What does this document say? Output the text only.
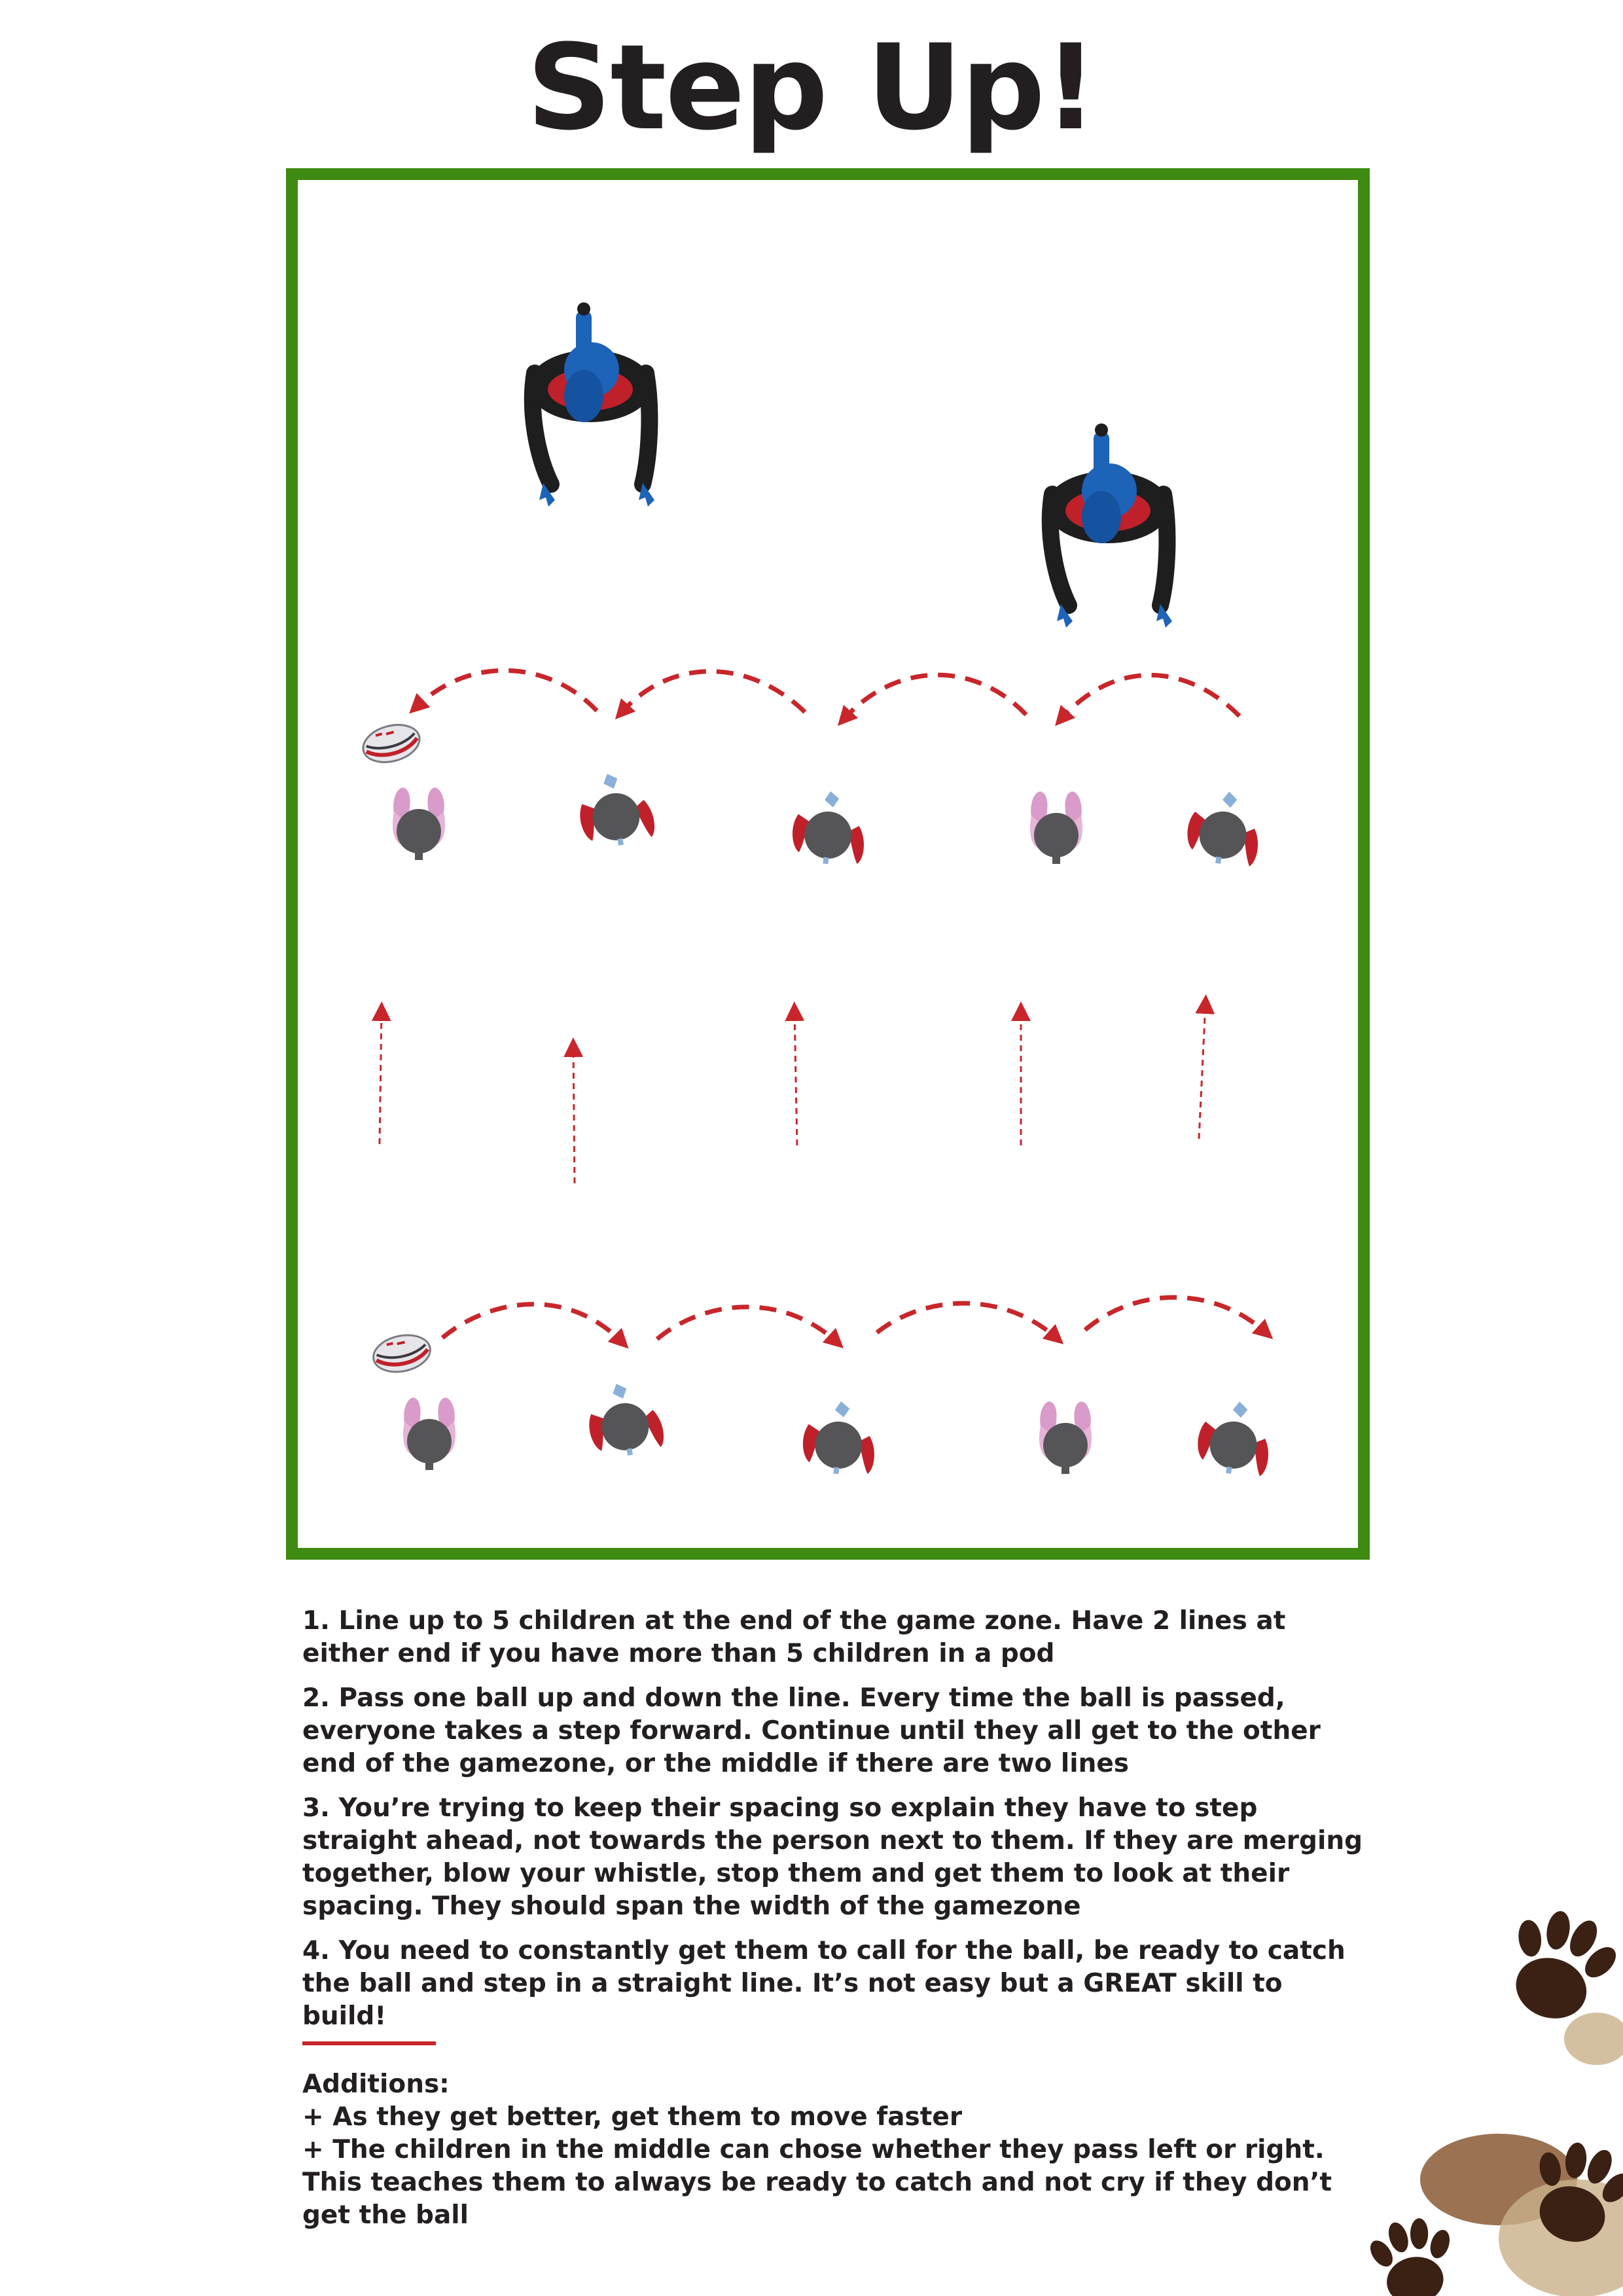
Step Up!

1. Line up to 5 children at the end of the game zone. Have 2 lines at either end if you have more than 5 children in a pod

2. Pass one ball up and down the line. Every time the ball is passed, everyone takes a step forward. Continue until they all get to the other end of the gamezone, or the middle if there are two lines

3. You’re trying to keep their spacing so explain they have to step straight ahead, not towards the person next to them. If they are merging together, blow your whistle, stop them and get them to look at their spacing. They should span the width of the gamezone

4. You need to constantly get them to call for the ball, be ready to catch the ball and step in a straight line. It’s not easy but a GREAT skill to build!

Additions:
+ As they get better, get them to move faster
+ The children in the middle can chose whether they pass left or right. This teaches them to always be ready to catch and not cry if they don’t get the ball
